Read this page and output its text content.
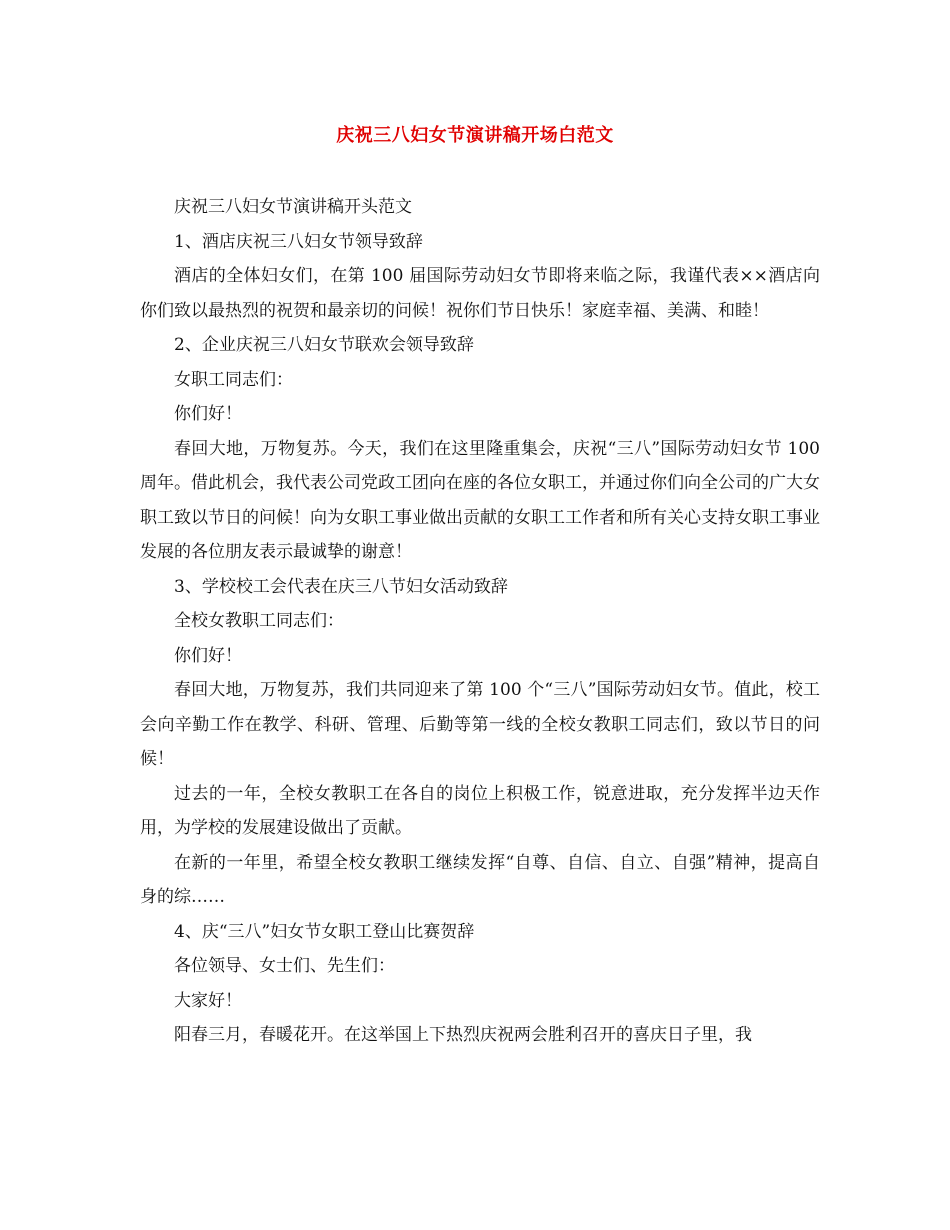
庆祝三八妇女节演讲稿开场白范文

庆祝三八妇女节演讲稿开头范文

1、酒店庆祝三八妇女节领导致辞

酒店的全体妇女们，在第 100 届国际劳动妇女节即将来临之际，我谨代表××酒店向你们致以最热烈的祝贺和最亲切的问候！祝你们节日快乐！家庭幸福、美满、和睦！

2、企业庆祝三八妇女节联欢会领导致辞

女职工同志们：

你们好！

春回大地，万物复苏。今天，我们在这里隆重集会，庆祝“三八”国际劳动妇女节 100 周年。借此机会，我代表公司党政工团向在座的各位女职工，并通过你们向全公司的广大女职工致以节日的问候！向为女职工事业做出贡献的女职工工作者和所有关心支持女职工事业发展的各位朋友表示最诚挚的谢意！

3、学校校工会代表在庆三八节妇女活动致辞

全校女教职工同志们：

你们好！

春回大地，万物复苏，我们共同迎来了第 100 个“三八”国际劳动妇女节。值此，校工会向辛勤工作在教学、科研、管理、后勤等第一线的全校女教职工同志们，致以节日的问候！

过去的一年，全校女教职工在各自的岗位上积极工作，锐意进取，充分发挥半边天作用，为学校的发展建设做出了贡献。

在新的一年里，希望全校女教职工继续发挥“自尊、自信、自立、自强”精神，提高自身的综……

4、庆“三八”妇女节女职工登山比赛贺辞

各位领导、女士们、先生们：

大家好！

阳春三月，春暖花开。在这举国上下热烈庆祝两会胜利召开的喜庆日子里，我
